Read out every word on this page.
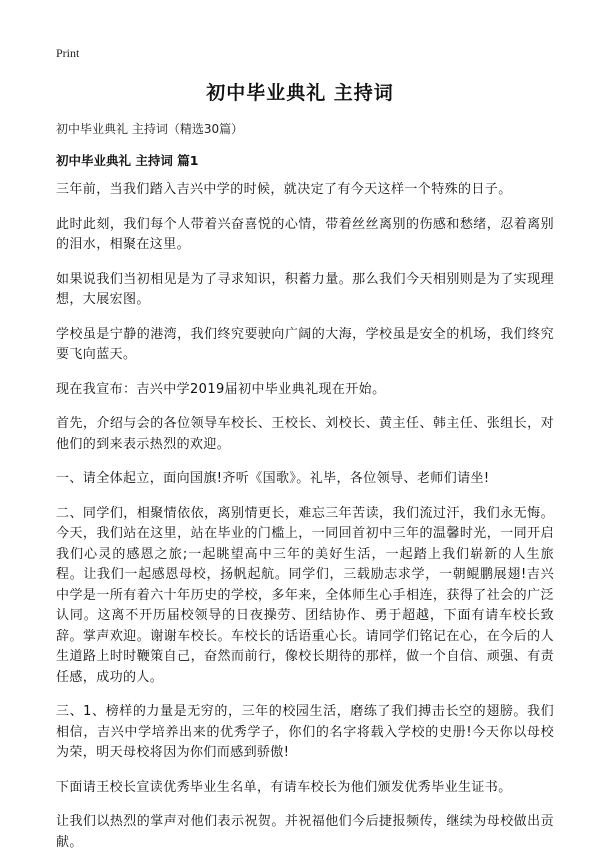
Print
初中毕业典礼 主持词

初中毕业典礼 主持词（精选30篇）

初中毕业典礼 主持词 篇1

三年前，当我们踏入吉兴中学的时候，就决定了有今天这样一个特殊的日子。

此时此刻，我们每个人带着兴奋喜悦的心情，带着丝丝离别的伤感和愁绪，忍着离别的泪水，相聚在这里。

如果说我们当初相见是为了寻求知识，积蓄力量。那么我们今天相别则是为了实现理想，大展宏图。

学校虽是宁静的港湾，我们终究要驶向广阔的大海，学校虽是安全的机场，我们终究要飞向蓝天。

现在我宣布：吉兴中学2019届初中毕业典礼现在开始。

首先，介绍与会的各位领导车校长、王校长、刘校长、黄主任、韩主任、张组长，对他们的到来表示热烈的欢迎。

一、请全体起立，面向国旗!齐听《国歌》。礼毕，各位领导、老师们请坐!

二、同学们，相聚情依依，离别情更长，难忘三年苦读，我们流过汗，我们永无悔。今天，我们站在这里，站在毕业的门槛上，一同回首初中三年的温馨时光，一同开启我们心灵的感恩之旅;一起眺望高中三年的美好生活，一起踏上我们崭新的人生旅程。让我们一起感恩母校，扬帆起航。同学们，三载励志求学，一朝鲲鹏展翅!吉兴中学是一所有着六十年历史的学校，多年来，全体师生心手相连，获得了社会的广泛认同。这离不开历届校领导的日夜操劳、团结协作、勇于超越，下面有请车校长致辞。掌声欢迎。谢谢车校长。车校长的话语重心长。请同学们铭记在心，在今后的人生道路上时时鞭策自己，奋然而前行，像校长期待的那样，做一个自信、顽强、有责任感，成功的人。

三、1、榜样的力量是无穷的，三年的校园生活，磨练了我们搏击长空的翅膀。我们相信，吉兴中学培养出来的优秀学子，你们的名字将载入学校的史册!今天你以母校为荣，明天母校将因为你们而感到骄傲!

下面请王校长宣读优秀毕业生名单，有请车校长为他们颁发优秀毕业生证书。

让我们以热烈的掌声对他们表示祝贺。并祝福他们今后捷报频传，继续为母校做出贡献。
